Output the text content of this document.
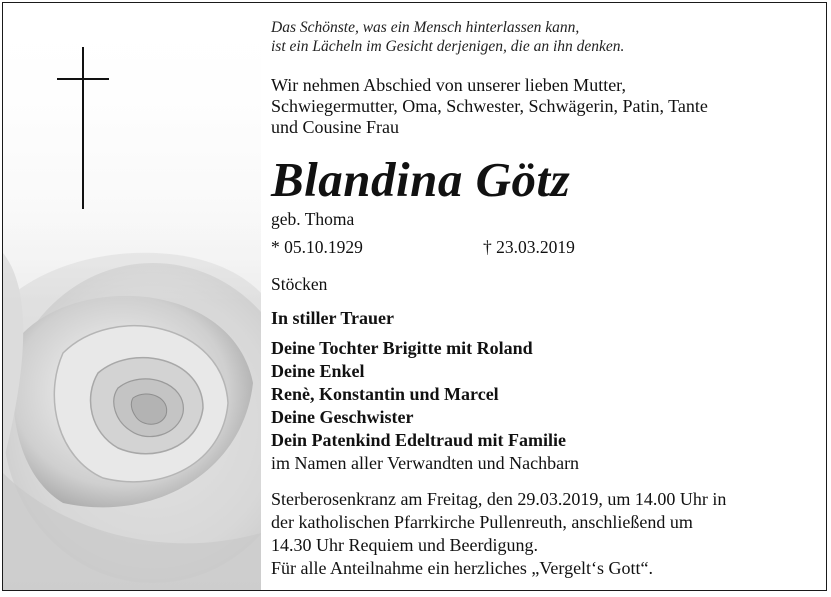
Das Schönste, was ein Mensch hinterlassen kann,
ist ein Lächeln im Gesicht derjenigen, die an ihn denken.
Wir nehmen Abschied von unserer lieben Mutter,
Schwiegermutter, Oma, Schwester, Schwägerin, Patin, Tante
und Cousine Frau
Blandina Götz
geb. Thoma
* 05.10.1929	† 23.03.2019
Stöcken
In stiller Trauer
Deine Tochter Brigitte mit Roland
Deine Enkel
Renè, Konstantin und Marcel
Deine Geschwister
Dein Patenkind Edeltraud mit Familie
im Namen aller Verwandten und Nachbarn
Sterberosenkranz am Freitag, den 29.03.2019, um 14.00 Uhr in
der katholischen Pfarrkirche Pullenreuth, anschließend um
14.30 Uhr Requiem und Beerdigung.
Für alle Anteilnahme ein herzliches „Vergelt‘s Gott“.
